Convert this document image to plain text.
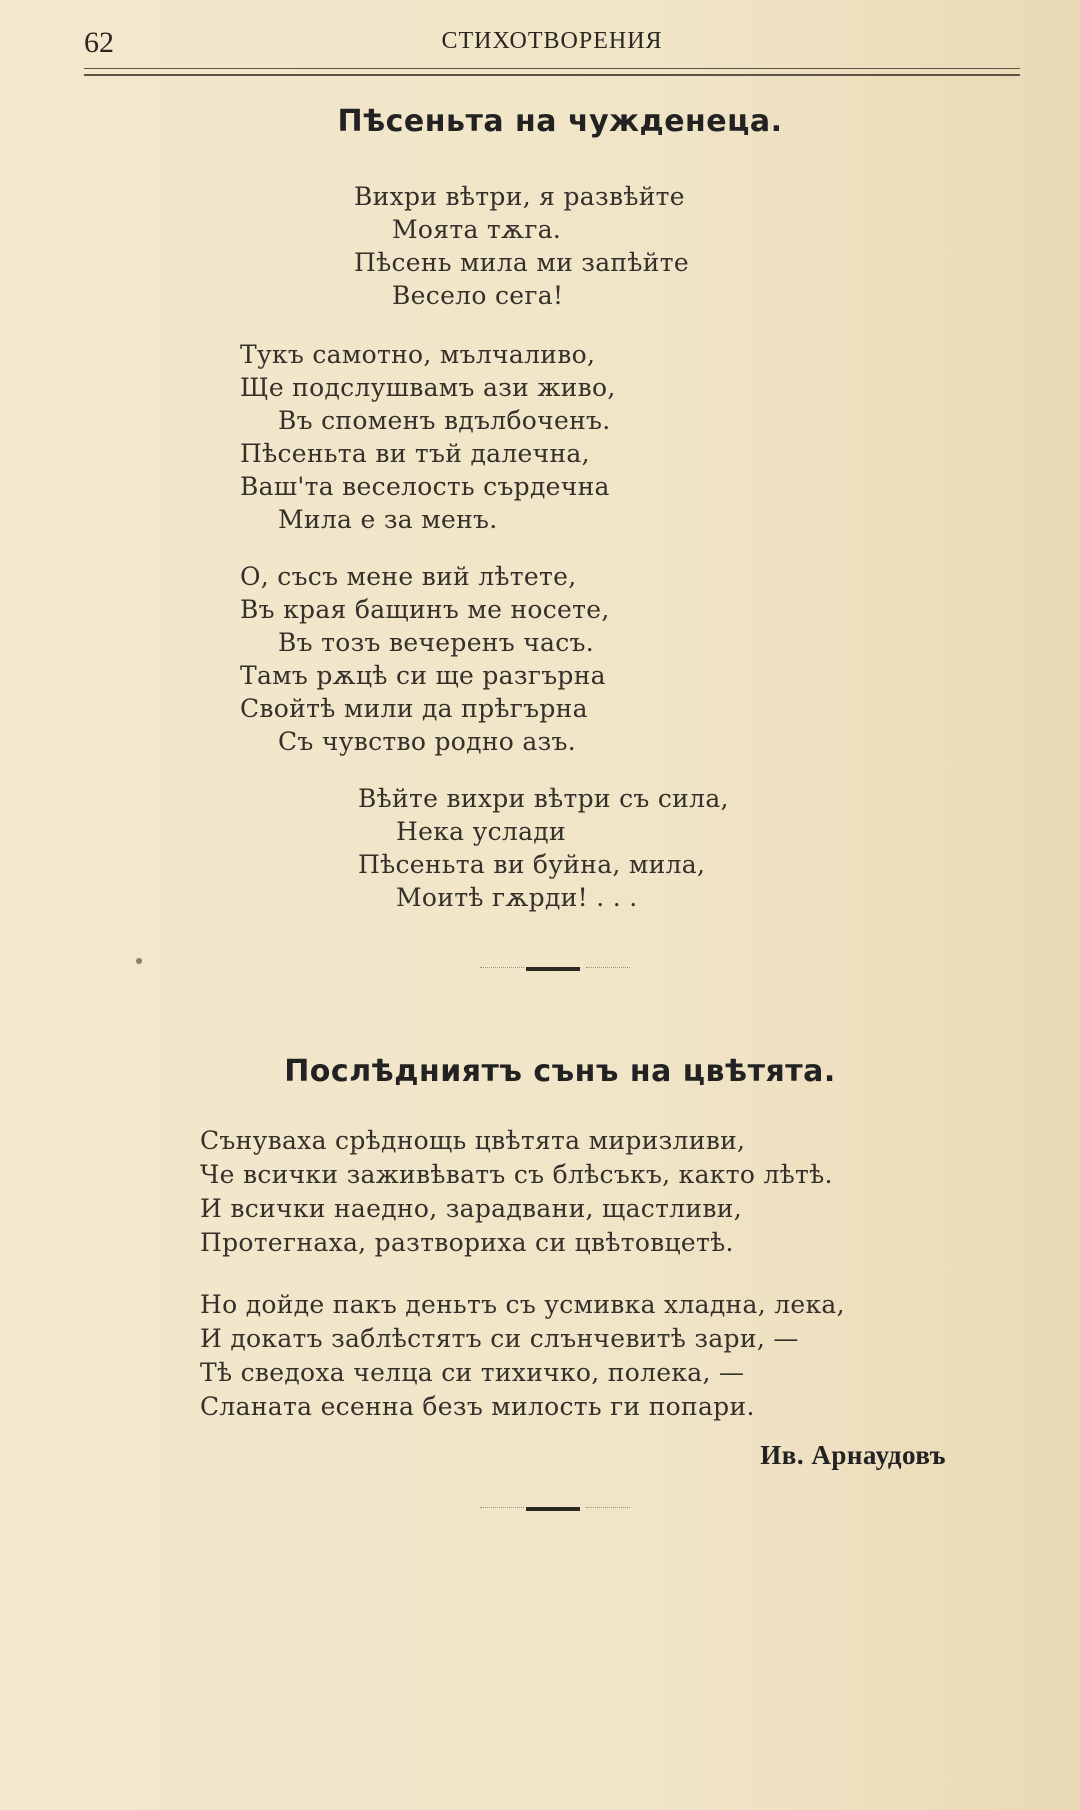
62	СТИХОТВОРЕНИЯ
Пѣсеньта на чужденеца.
Вихри вѣтри, я развѣйте
Моята тѫга.
Пѣсень мила ми запѣйте
Весело сега!
Тукъ самотно, мълчаливо,
Ще подслушвамъ ази живо,
Въ споменъ вдълбоченъ.
Пѣсеньта ви тъй далечна,
Ваш'та веселость сърдечна
Мила е за менъ.
О, съсъ мене вий лѣтете,
Въ края бащинъ ме носете,
Въ тозъ вечеренъ часъ.
Тамъ рѫцѣ си ще разгърна
Свойтѣ мили да прѣгърна
Съ чувство родно азъ.
Вѣйте вихри вѣтри съ сила,
Нека услади
Пѣсеньта ви буйна, мила,
Моитѣ гѫрди! . . .
Послѣдниятъ сънъ на цвѣтята.
Сънуваха срѣднощь цвѣтята миризливи,
Че всички заживѣватъ съ блѣсъкъ, както лѣтѣ.
И всички наедно, зарадвани, щастливи,
Протегнаха, разтвориха си цвѣтовцетѣ.
Но дойде пакъ деньтъ съ усмивка хладна, лека,
И докатъ заблѣстятъ си слънчевитѣ зари, —
Тѣ сведоха челца си тихичко, полека, —
Сланата есенна безъ милость ги попари.
Ив. Арнаудовъ
